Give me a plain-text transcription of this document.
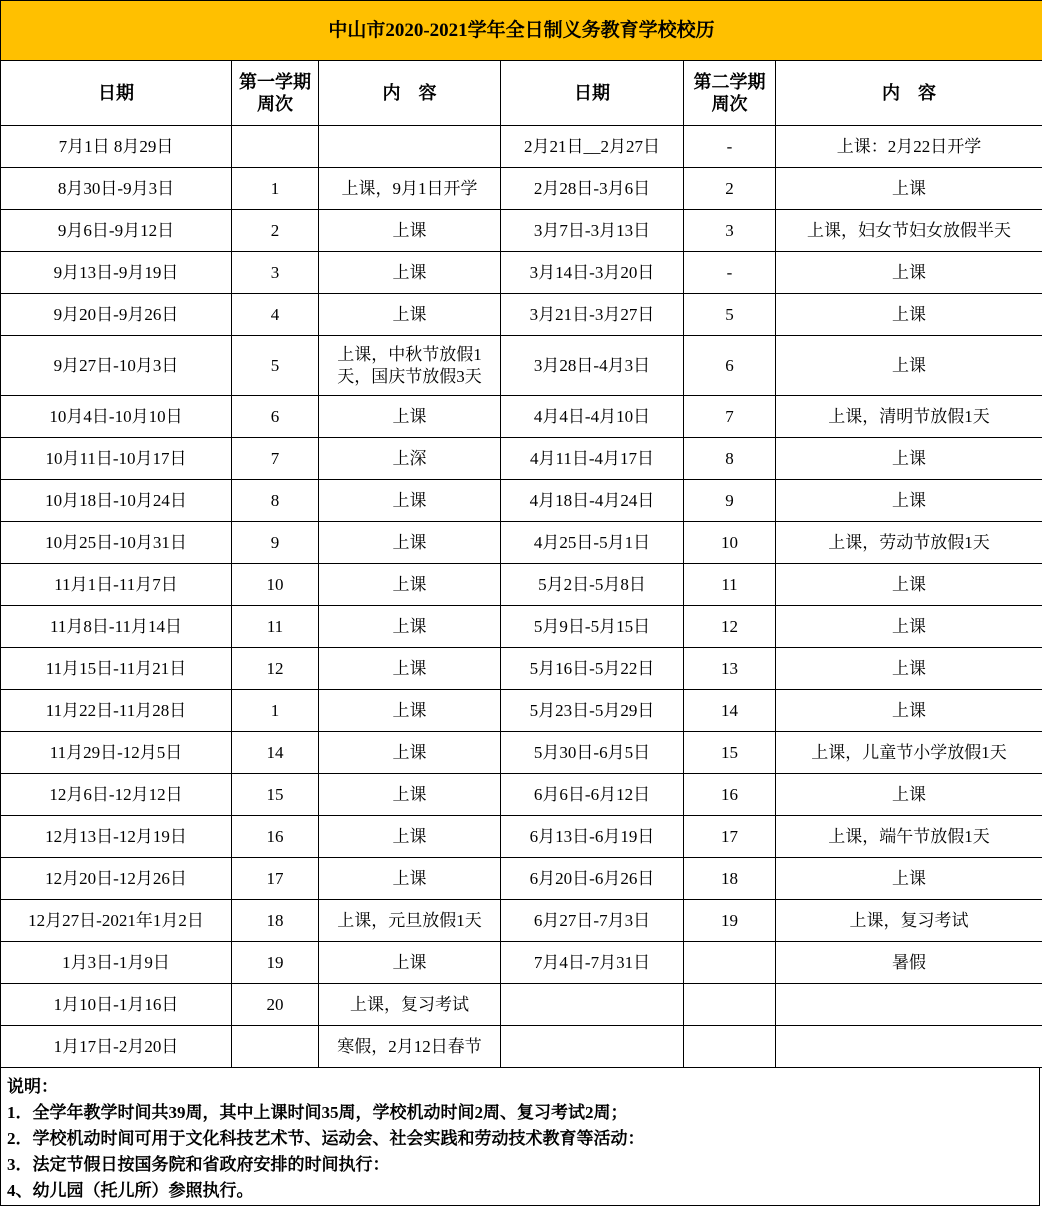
中山市2020-2021学年全日制义务教育学校校历					
日期	第一学期周次	内　容	日期	第二学期周次	内　容
7月1日 8月29日			2月21日__2月27日	-	上课：2月22日开学
8月30日-9月3日	1	上课，9月1日开学	2月28日-3月6日	2	上课
9月6日-9月12日	2	上课	3月7日-3月13日	3	上课，妇女节妇女放假半天
9月13日-9月19日	3	上课	3月14日-3月20日	-	上课
9月20日-9月26日	4	上课	3月21日-3月27日	5	上课
9月27日-10月3日	5	上课，中秋节放假1天，国庆节放假3天	3月28日-4月3日	6	上课
10月4日-10月10日	6	上课	4月4日-4月10日	7	上课，清明节放假1天
10月11日-10月17日	7	上深	4月11日-4月17日	8	上课
10月18日-10月24日	8	上课	4月18日-4月24日	9	上课
10月25日-10月31日	9	上课	4月25日-5月1日	10	上课，劳动节放假1天
11月1日-11月7日	10	上课	5月2日-5月8日	11	上课
11月8日-11月14日	11	上课	5月9日-5月15日	12	上课
11月15日-11月21日	12	上课	5月16日-5月22日	13	上课
11月22日-11月28日	1	上课	5月23日-5月29日	14	上课
11月29日-12月5日	14	上课	5月30日-6月5日	15	上课，儿童节小学放假1天
12月6日-12月12日	15	上课	6月6日-6月12日	16	上课
12月13日-12月19日	16	上课	6月13日-6月19日	17	上课，端午节放假1天
12月20日-12月26日	17	上课	6月20日-6月26日	18	上课
12月27日-2021年1月2日	18	上课，元旦放假1天	6月27日-7月3日	19	上课，复习考试
1月3日-1月9日	19	上课	7月4日-7月31日		暑假
1月10日-1月16日	20	上课，复习考试			
1月17日-2月20日		寒假，2月12日春节			
说明：
1．全学年教学时间共39周，其中上课时间35周，学校机动时间2周、复习考试2周；
2．学校机动时间可用于文化科技艺术节、运动会、社会实践和劳动技术教育等活动：
3．法定节假日按国务院和省政府安排的时间执行：
4、幼儿园（托儿所）参照执行。
